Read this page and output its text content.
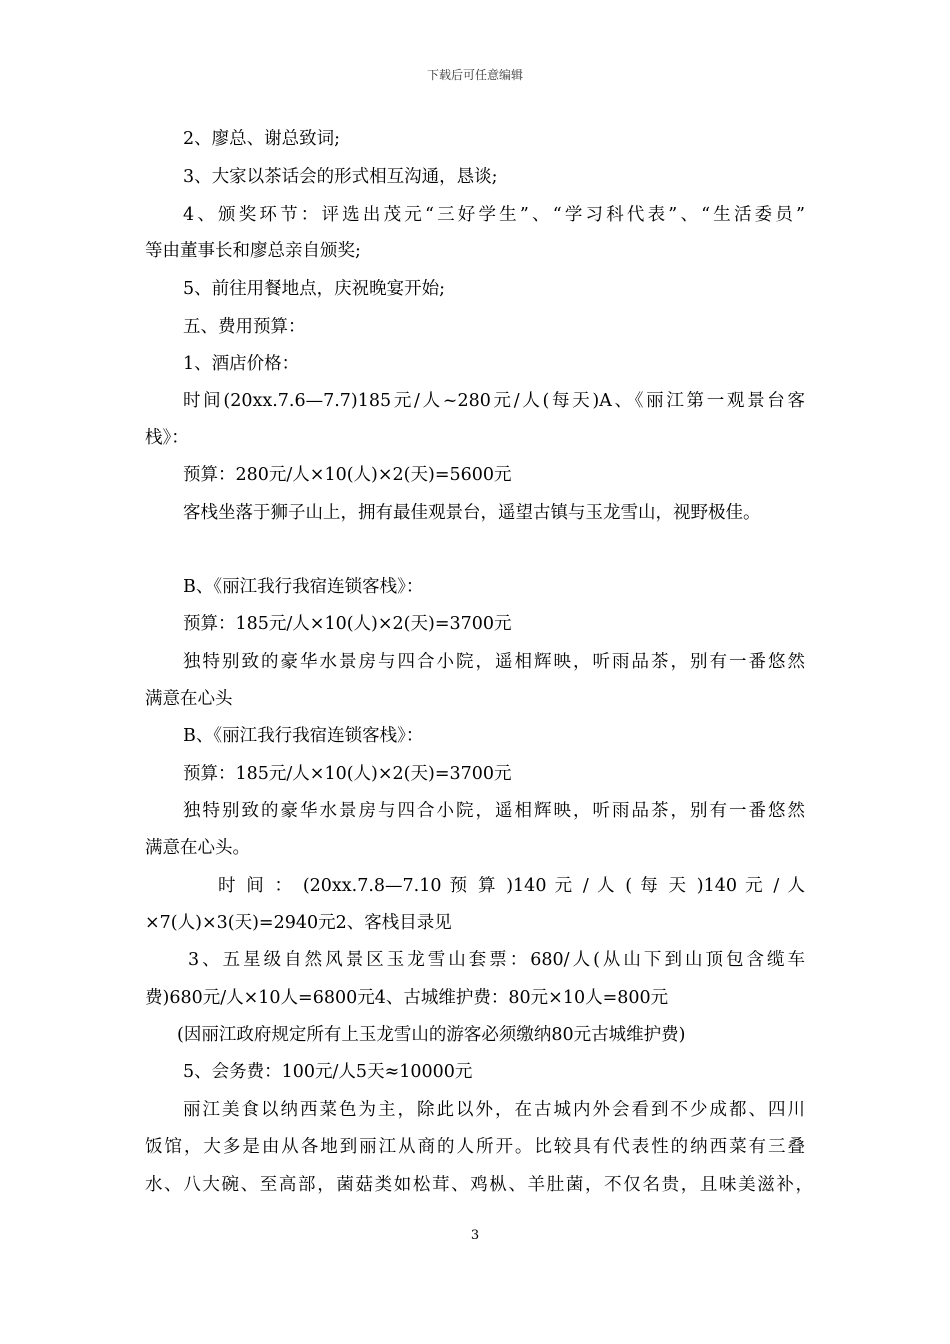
下载后可任意编辑
2、廖总、谢总致词;
3、大家以茶话会的形式相互沟通，恳谈;
4、颁奖环节：评选出茂元“三好学生”、“学习科代表”、“生活委员”
等由董事长和廖总亲自颁奖;
5、前往用餐地点，庆祝晚宴开始;
五、费用预算：
1、酒店价格：
时间(20xx.7.6—7.7)185元/人~280元/人(每天)A、《丽江第一观景台客
栈》：
预算：280元/人×10(人)×2(天)=5600元
客栈坐落于狮子山上，拥有最佳观景台，遥望古镇与玉龙雪山，视野极佳。
B、《丽江我行我宿连锁客栈》：
预算：185元/人×10(人)×2(天)=3700元
独特别致的豪华水景房与四合小院，遥相辉映，听雨品茶，别有一番悠然
满意在心头
B、《丽江我行我宿连锁客栈》：
预算：185元/人×10(人)×2(天)=3700元
独特别致的豪华水景房与四合小院，遥相辉映，听雨品茶，别有一番悠然
满意在心头。
时 间 ： (20xx.7.8—7.10 预 算 )140 元 / 人 ( 每 天 )140 元 / 人
×7(人)×3(天)=2940元2、客栈目录见
3、五星级自然风景区玉龙雪山套票：680/人(从山下到山顶包含缆车
费)680元/人×10人=6800元4、古城维护费：80元×10人=800元
(因丽江政府规定所有上玉龙雪山的游客必须缴纳80元古城维护费)
5、会务费：100元/人5天≈10000元
丽江美食以纳西菜色为主，除此以外，在古城内外会看到不少成都、四川
饭馆，大多是由从各地到丽江从商的人所开。比较具有代表性的纳西菜有三叠
水、八大碗、至高部，菌菇类如松茸、鸡枞、羊肚菌，不仅名贵，且味美滋补，
3
